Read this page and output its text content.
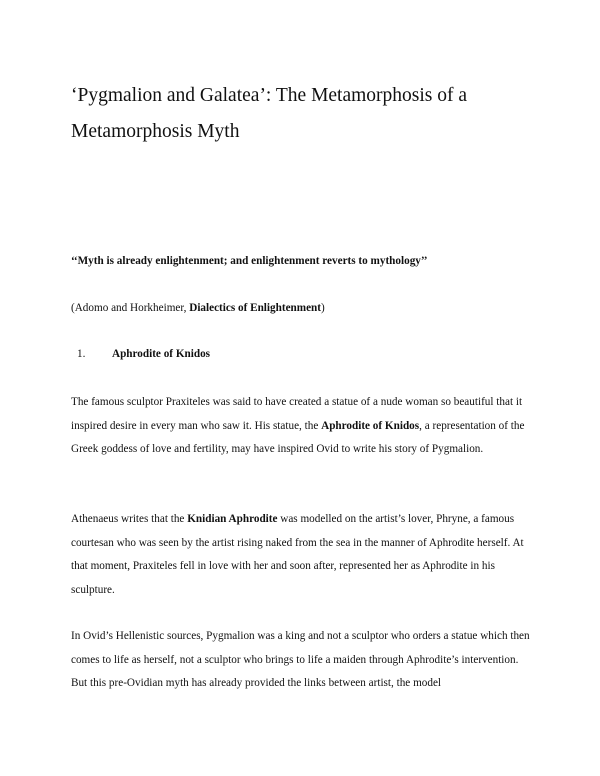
‘Pygmalion and Galatea’: The Metamorphosis of a Metamorphosis Myth

‘‘Myth is already enlightenment; and enlightenment reverts to mythology’’

(Adomo and Horkheimer, Dialectics of Enlightenment)

1. Aphrodite of Knidos

The famous sculptor Praxiteles was said to have created a statue of a nude woman so beautiful that it inspired desire in every man who saw it. His statue, the Aphrodite of Knidos, a representation of the Greek goddess of love and fertility, may have inspired Ovid to write his story of Pygmalion.

Athenaeus writes that the Knidian Aphrodite was modelled on the artist’s lover, Phryne, a famous courtesan who was seen by the artist rising naked from the sea in the manner of Aphrodite herself. At that moment, Praxiteles fell in love with her and soon after, represented her as Aphrodite in his sculpture.

In Ovid’s Hellenistic sources, Pygmalion was a king and not a sculptor who orders a statue which then comes to life as herself, not a sculptor who brings to life a maiden through Aphrodite’s intervention. But this pre-Ovidian myth has already provided the links between artist, the model
